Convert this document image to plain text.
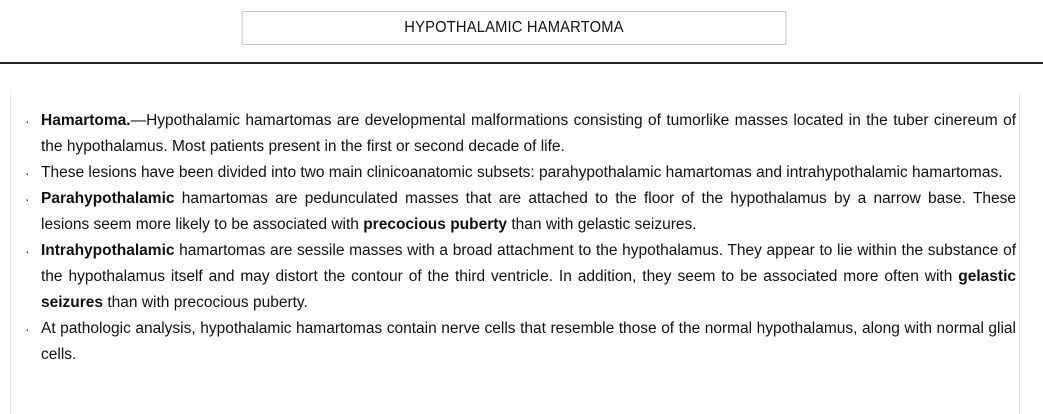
HYPOTHALAMIC HAMARTOMA
· Hamartoma.—Hypothalamic hamartomas are developmental malformations consisting of tumorlike masses located in the tuber cinereum of the hypothalamus. Most patients present in the first or second decade of life.
· These lesions have been divided into two main clinicoanatomic subsets: parahypothalamic hamartomas and intrahypothalamic hamartomas.
· Parahypothalamic hamartomas are pedunculated masses that are attached to the floor of the hypothalamus by a narrow base. These lesions seem more likely to be associated with precocious puberty than with gelastic seizures.
· Intrahypothalamic hamartomas are sessile masses with a broad attachment to the hypothalamus. They appear to lie within the substance of the hypothalamus itself and may distort the contour of the third ventricle. In addition, they seem to be associated more often with gelastic seizures than with precocious puberty.
· At pathologic analysis, hypothalamic hamartomas contain nerve cells that resemble those of the normal hypothalamus, along with normal glial cells.
